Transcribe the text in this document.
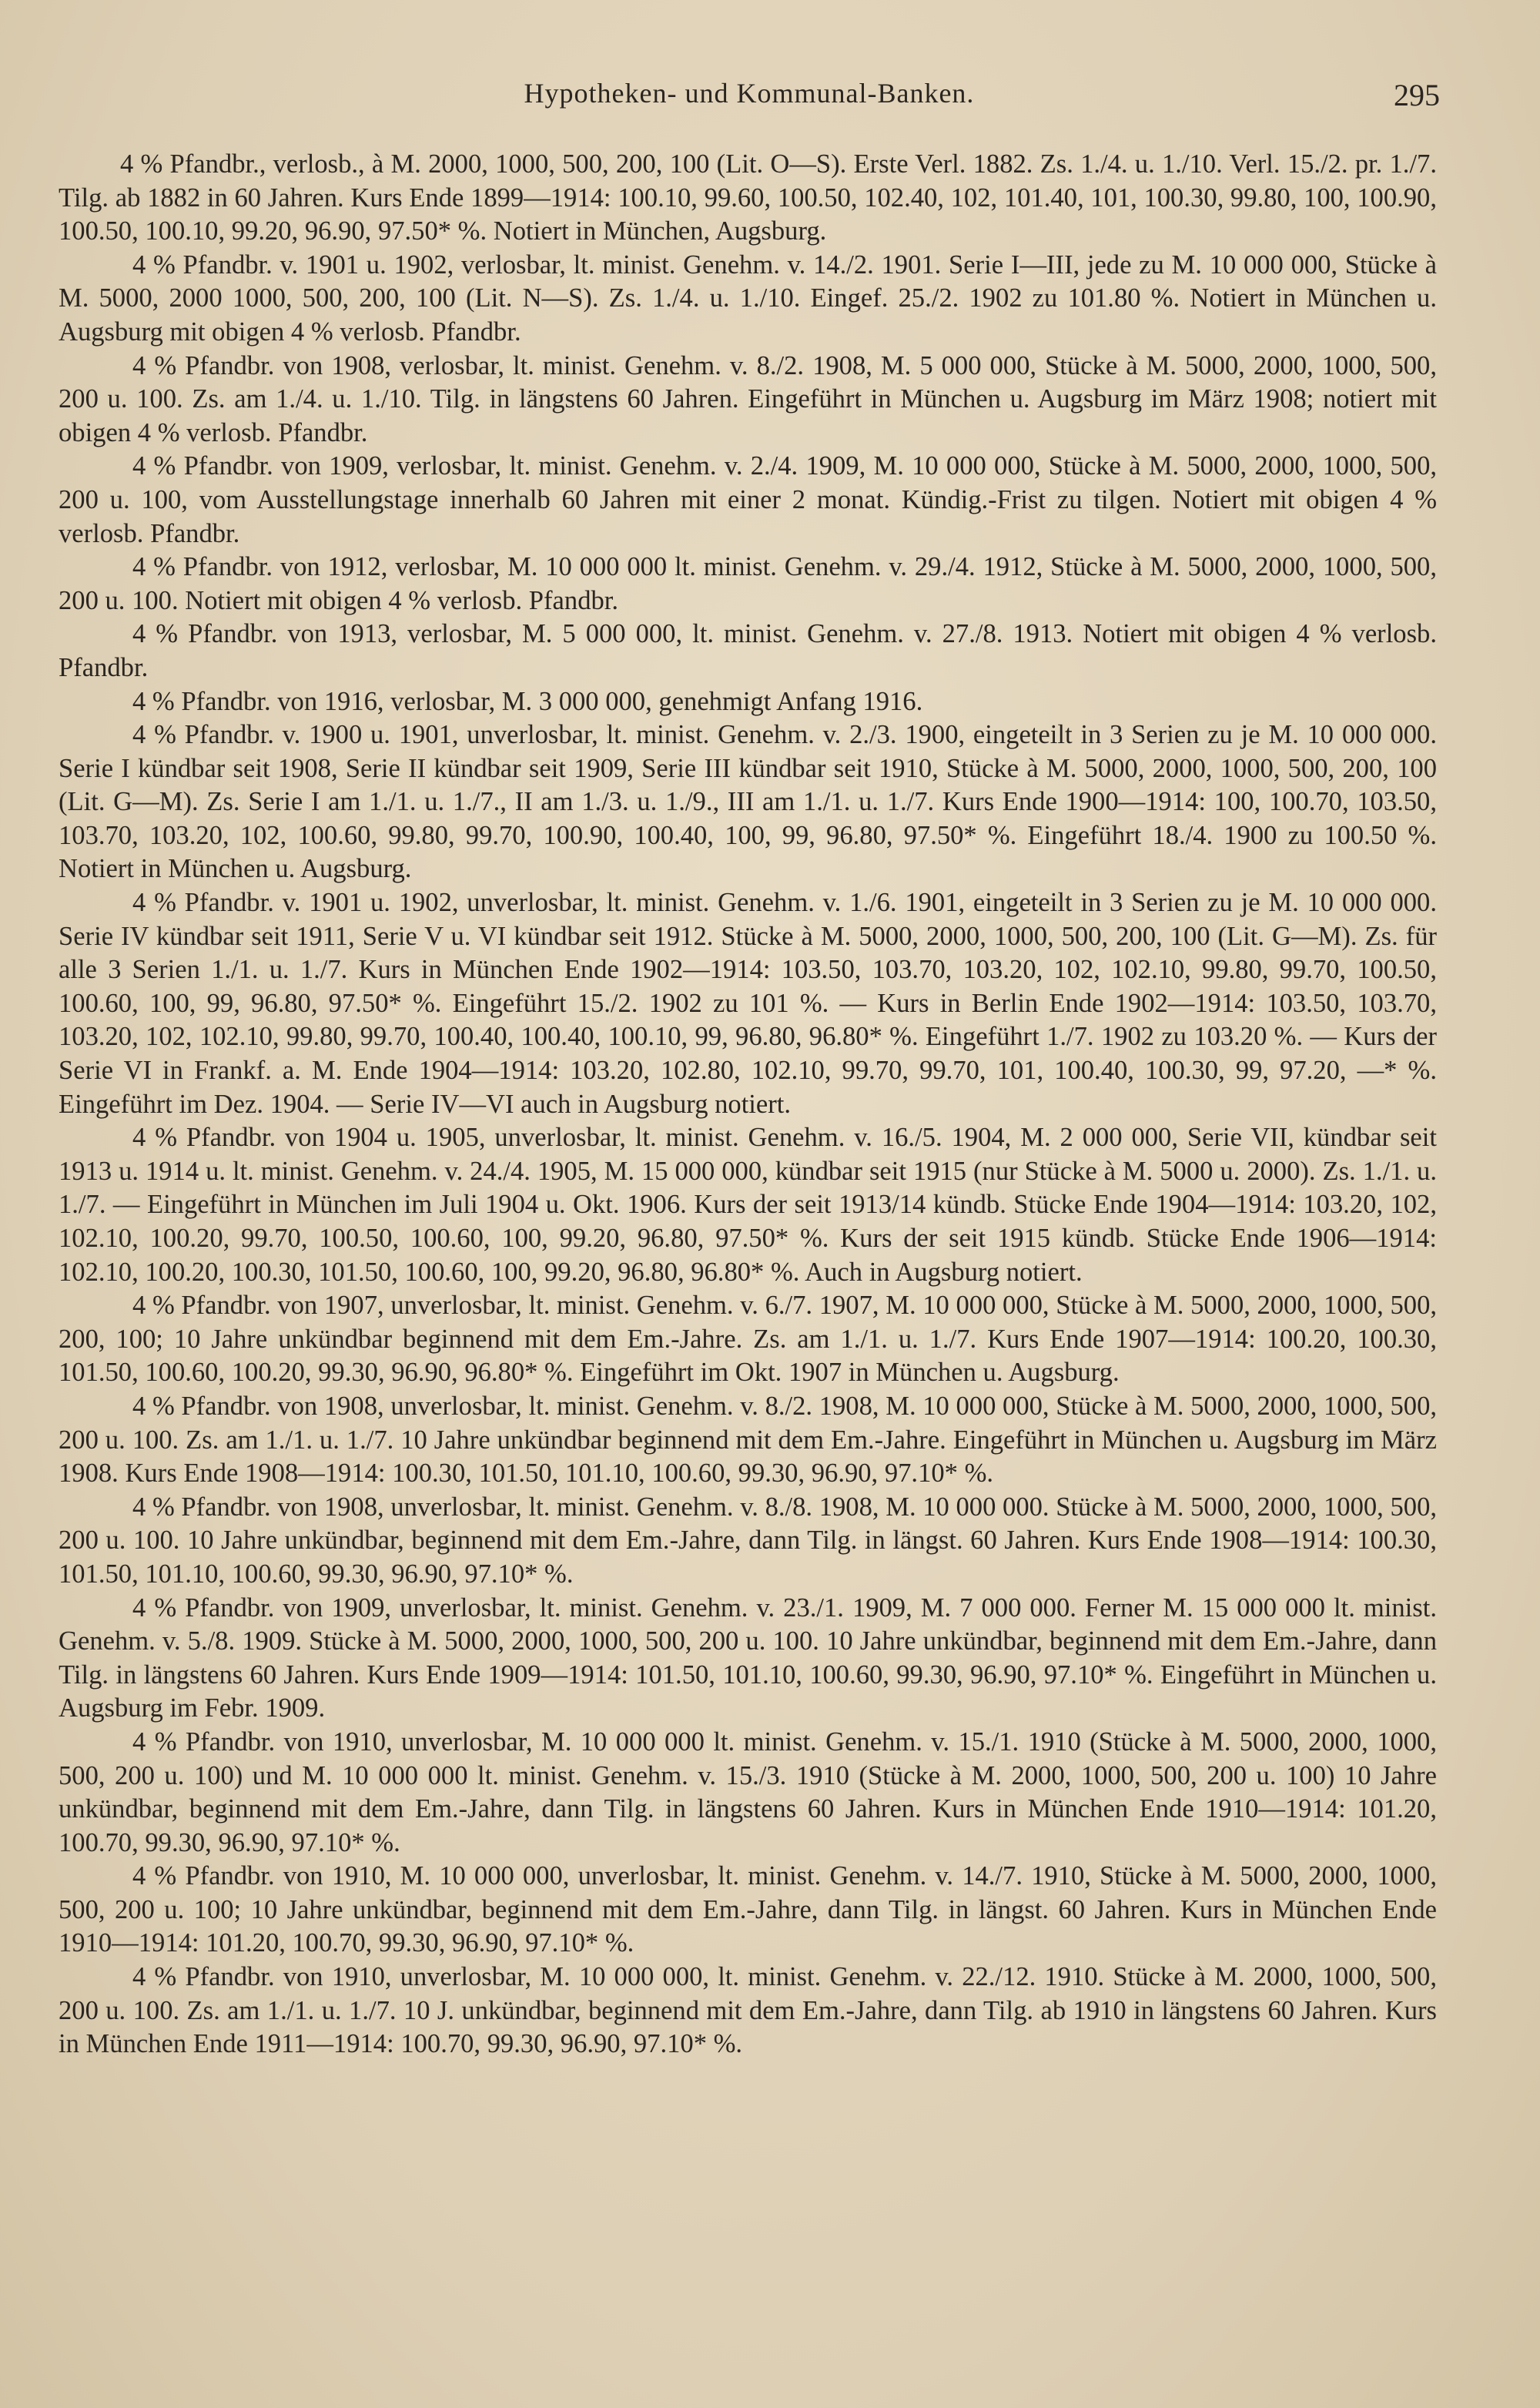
Hypotheken- und Kommunal-Banken.	295

4 % Pfandbr., verlosb., à M. 2000, 1000, 500, 200, 100 (Lit. O—S). Erste Verl. 1882. Zs. 1./4. u. 1./10. Verl. 15./2. pr. 1./7. Tilg. ab 1882 in 60 Jahren. Kurs Ende 1899—1914: 100.10, 99.60, 100.50, 102.40, 102, 101.40, 101, 100.30, 99.80, 100, 100.90, 100.50, 100.10, 99.20, 96.90, 97.50* %. Notiert in München, Augsburg.

4 % Pfandbr. v. 1901 u. 1902, verlosbar, lt. minist. Genehm. v. 14./2. 1901. Serie I—III, jede zu M. 10 000 000, Stücke à M. 5000, 2000 1000, 500, 200, 100 (Lit. N—S). Zs. 1./4. u. 1./10. Eingef. 25./2. 1902 zu 101.80 %. Notiert in München u. Augsburg mit obigen 4 % verlosb. Pfandbr.

4 % Pfandbr. von 1908, verlosbar, lt. minist. Genehm. v. 8./2. 1908, M. 5 000 000, Stücke à M. 5000, 2000, 1000, 500, 200 u. 100. Zs. am 1./4. u. 1./10. Tilg. in längstens 60 Jahren. Eingeführt in München u. Augsburg im März 1908; notiert mit obigen 4 % verlosb. Pfandbr.

4 % Pfandbr. von 1909, verlosbar, lt. minist. Genehm. v. 2./4. 1909, M. 10 000 000, Stücke à M. 5000, 2000, 1000, 500, 200 u. 100, vom Ausstellungstage innerhalb 60 Jahren mit einer 2 monat. Kündig.-Frist zu tilgen. Notiert mit obigen 4 % verlosb. Pfandbr.

4 % Pfandbr. von 1912, verlosbar, M. 10 000 000 lt. minist. Genehm. v. 29./4. 1912, Stücke à M. 5000, 2000, 1000, 500, 200 u. 100. Notiert mit obigen 4 % verlosb. Pfandbr.

4 % Pfandbr. von 1913, verlosbar, M. 5 000 000, lt. minist. Genehm. v. 27./8. 1913. Notiert mit obigen 4 % verlosb. Pfandbr.

4 % Pfandbr. von 1916, verlosbar, M. 3 000 000, genehmigt Anfang 1916.

4 % Pfandbr. v. 1900 u. 1901, unverlosbar, lt. minist. Genehm. v. 2./3. 1900, eingeteilt in 3 Serien zu je M. 10 000 000. Serie I kündbar seit 1908, Serie II kündbar seit 1909, Serie III kündbar seit 1910, Stücke à M. 5000, 2000, 1000, 500, 200, 100 (Lit. G—M). Zs. Serie I am 1./1. u. 1./7., II am 1./3. u. 1./9., III am 1./1. u. 1./7. Kurs Ende 1900—1914: 100, 100.70, 103.50, 103.70, 103.20, 102, 100.60, 99.80, 99.70, 100.90, 100.40, 100, 99, 96.80, 97.50* %. Eingeführt 18./4. 1900 zu 100.50 %. Notiert in München u. Augsburg.

4 % Pfandbr. v. 1901 u. 1902, unverlosbar, lt. minist. Genehm. v. 1./6. 1901, eingeteilt in 3 Serien zu je M. 10 000 000. Serie IV kündbar seit 1911, Serie V u. VI kündbar seit 1912. Stücke à M. 5000, 2000, 1000, 500, 200, 100 (Lit. G—M). Zs. für alle 3 Serien 1./1. u. 1./7. Kurs in München Ende 1902—1914: 103.50, 103.70, 103.20, 102, 102.10, 99.80, 99.70, 100.50, 100.60, 100, 99, 96.80, 97.50* %. Eingeführt 15./2. 1902 zu 101 %. — Kurs in Berlin Ende 1902—1914: 103.50, 103.70, 103.20, 102, 102.10, 99.80, 99.70, 100.40, 100.40, 100.10, 99, 96.80, 96.80* %. Eingeführt 1./7. 1902 zu 103.20 %. — Kurs der Serie VI in Frankf. a. M. Ende 1904—1914: 103.20, 102.80, 102.10, 99.70, 99.70, 101, 100.40, 100.30, 99, 97.20, —* %. Eingeführt im Dez. 1904. — Serie IV—VI auch in Augsburg notiert.

4 % Pfandbr. von 1904 u. 1905, unverlosbar, lt. minist. Genehm. v. 16./5. 1904, M. 2 000 000, Serie VII, kündbar seit 1913 u. 1914 u. lt. minist. Genehm. v. 24./4. 1905, M. 15 000 000, kündbar seit 1915 (nur Stücke à M. 5000 u. 2000). Zs. 1./1. u. 1./7. — Eingeführt in München im Juli 1904 u. Okt. 1906. Kurs der seit 1913/14 kündb. Stücke Ende 1904—1914: 103.20, 102, 102.10, 100.20, 99.70, 100.50, 100.60, 100, 99.20, 96.80, 97.50* %. Kurs der seit 1915 kündb. Stücke Ende 1906—1914: 102.10, 100.20, 100.30, 101.50, 100.60, 100, 99.20, 96.80, 96.80* %. Auch in Augsburg notiert.

4 % Pfandbr. von 1907, unverlosbar, lt. minist. Genehm. v. 6./7. 1907, M. 10 000 000, Stücke à M. 5000, 2000, 1000, 500, 200, 100; 10 Jahre unkündbar beginnend mit dem Em.-Jahre. Zs. am 1./1. u. 1./7. Kurs Ende 1907—1914: 100.20, 100.30, 101.50, 100.60, 100.20, 99.30, 96.90, 96.80* %. Eingeführt im Okt. 1907 in München u. Augsburg.

4 % Pfandbr. von 1908, unverlosbar, lt. minist. Genehm. v. 8./2. 1908, M. 10 000 000, Stücke à M. 5000, 2000, 1000, 500, 200 u. 100. Zs. am 1./1. u. 1./7. 10 Jahre unkündbar beginnend mit dem Em.-Jahre. Eingeführt in München u. Augsburg im März 1908. Kurs Ende 1908—1914: 100.30, 101.50, 101.10, 100.60, 99.30, 96.90, 97.10* %.

4 % Pfandbr. von 1908, unverlosbar, lt. minist. Genehm. v. 8./8. 1908, M. 10 000 000. Stücke à M. 5000, 2000, 1000, 500, 200 u. 100. 10 Jahre unkündbar, beginnend mit dem Em.-Jahre, dann Tilg. in längst. 60 Jahren. Kurs Ende 1908—1914: 100.30, 101.50, 101.10, 100.60, 99.30, 96.90, 97.10* %.

4 % Pfandbr. von 1909, unverlosbar, lt. minist. Genehm. v. 23./1. 1909, M. 7 000 000. Ferner M. 15 000 000 lt. minist. Genehm. v. 5./8. 1909. Stücke à M. 5000, 2000, 1000, 500, 200 u. 100. 10 Jahre unkündbar, beginnend mit dem Em.-Jahre, dann Tilg. in längstens 60 Jahren. Kurs Ende 1909—1914: 101.50, 101.10, 100.60, 99.30, 96.90, 97.10* %. Eingeführt in München u. Augsburg im Febr. 1909.

4 % Pfandbr. von 1910, unverlosbar, M. 10 000 000 lt. minist. Genehm. v. 15./1. 1910 (Stücke à M. 5000, 2000, 1000, 500, 200 u. 100) und M. 10 000 000 lt. minist. Genehm. v. 15./3. 1910 (Stücke à M. 2000, 1000, 500, 200 u. 100) 10 Jahre unkündbar, beginnend mit dem Em.-Jahre, dann Tilg. in längstens 60 Jahren. Kurs in München Ende 1910—1914: 101.20, 100.70, 99.30, 96.90, 97.10* %.

4 % Pfandbr. von 1910, M. 10 000 000, unverlosbar, lt. minist. Genehm. v. 14./7. 1910, Stücke à M. 5000, 2000, 1000, 500, 200 u. 100; 10 Jahre unkündbar, beginnend mit dem Em.-Jahre, dann Tilg. in längst. 60 Jahren. Kurs in München Ende 1910—1914: 101.20, 100.70, 99.30, 96.90, 97.10* %.

4 % Pfandbr. von 1910, unverlosbar, M. 10 000 000, lt. minist. Genehm. v. 22./12. 1910. Stücke à M. 2000, 1000, 500, 200 u. 100. Zs. am 1./1. u. 1./7. 10 J. unkündbar, beginnend mit dem Em.-Jahre, dann Tilg. ab 1910 in längstens 60 Jahren. Kurs in München Ende 1911—1914: 100.70, 99.30, 96.90, 97.10* %.
